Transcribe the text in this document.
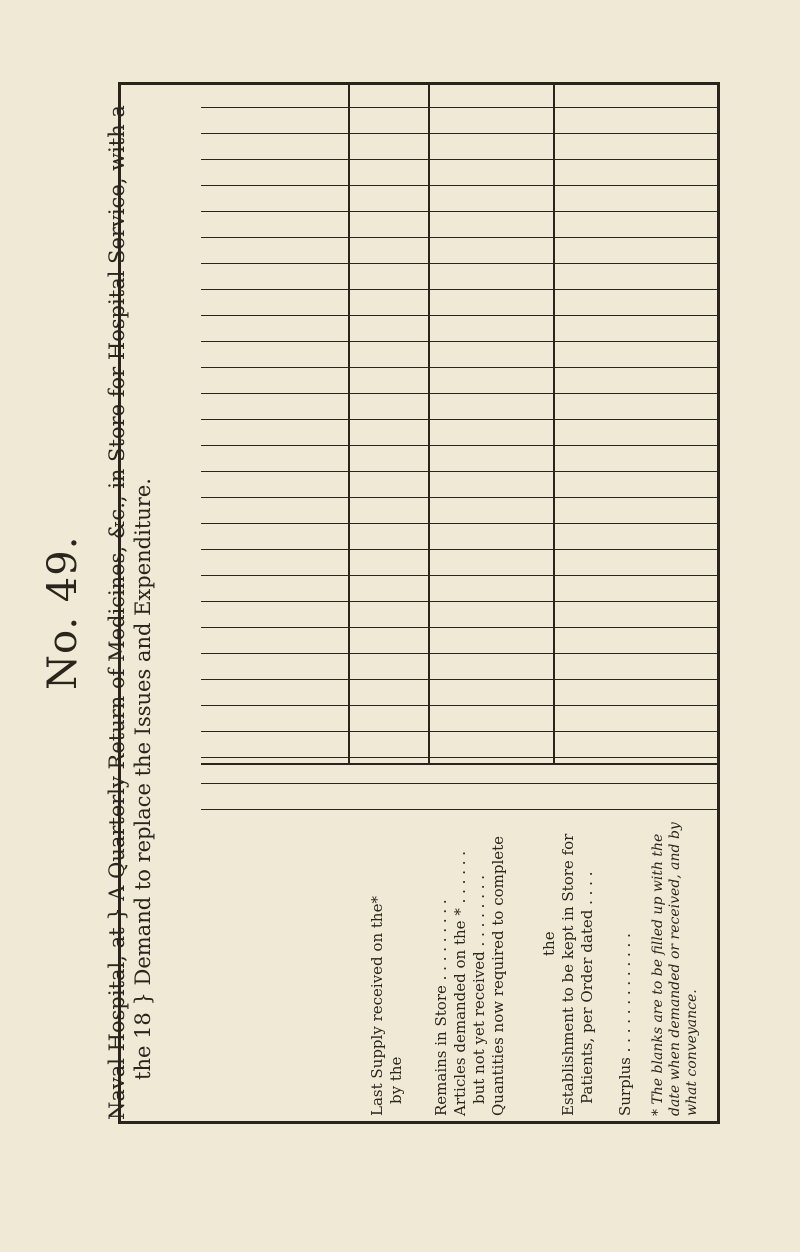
No. 49. Naval Hospital, at } A Quarterly Return of Medicines, &c., in Store for Hospital Service, with a the 18 } Demand to replace the Issues and Expenditure.	Last Supply received on the* by the Remains in Store . . . . . . . . . Articles demanded on the * . . . . . . but not yet received . . . . . . . . Quantities now required to complete the Establishment to be kept in Store for Patients, per Order dated . . . . Surplus . . . . . . . . . . . . . * The blanks are to be filled up with the date when demanded or received, and by what conveyance.
